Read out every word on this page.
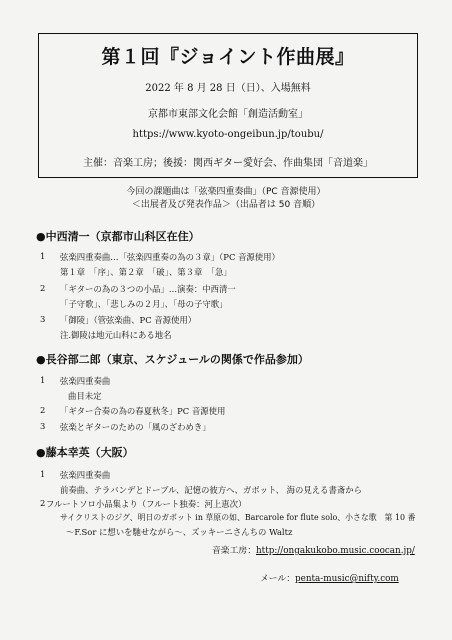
第１回『ジョイント作曲展』
2022 年 8 月 28 日（日）、入場無料
京都市東部文化会館「創造活動室」
https://www.kyoto-ongeibun.jp/toubu/
主催：音楽工房；後援：関西ギター愛好会、作曲集団「音道楽」
今回の課題曲は「弦楽四重奏曲」（PC 音源使用）
＜出展者及び発表作品＞（出品者は 50 音順）
●中西清一（京都市山科区在住）
1 弦楽四重奏曲…「弦楽四重奏の為の３章」（PC 音源使用）
第１章　「序」、第２章　「破」、第３章　「急」
2 「ギターの為の３つの小品」…演奏：中西清一
「子守歌」、「悲しみの２月」、「母の子守歌」
3 「御陵」（管弦楽曲、PC 音源使用）
注.御陵は地元山科にある地名
●長谷部二郎（東京、スケジュールの関係で作品参加）
1 弦楽四重奏曲
曲目未定
2 「ギター合奏の為の春夏秋冬」PC 音源使用
3 弦楽とギターのための「風のざわめき」
●藤本幸英（大阪）
1 弦楽四重奏曲
前奏曲、テラバンデとドーブル、記憶の彼方へ、ガボット、 海の見える書斎から
2 フルートソロ小品集より（フルート独奏：河上恵次）
サイクリストのジグ、明日のガボット in 草原の如、Barcarole for flute solo、小さな歌　第 10 番
～F.Sor に想いを馳せながら～、ズッキーニさんちの Waltz
音楽工房：http://ongakukobo.music.coocan.jp/
メール：penta-music@nifty.com
